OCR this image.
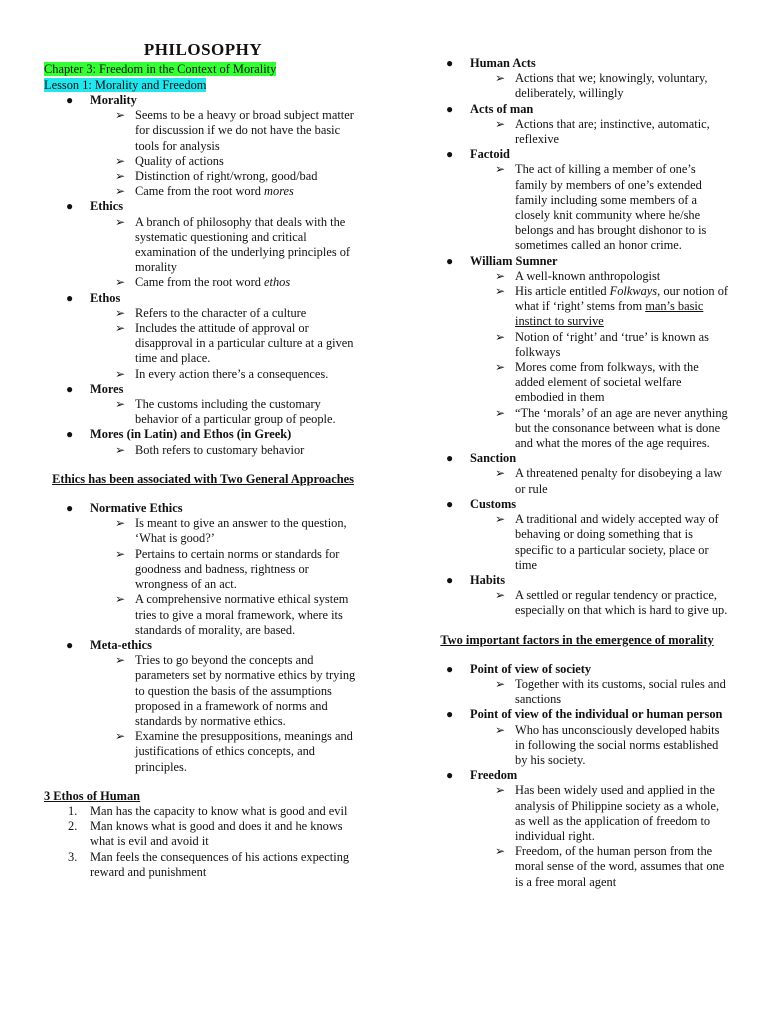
PHILOSOPHY
Chapter 3: Freedom in the Context of Morality
Lesson 1: Morality and Freedom
● Morality
➢ Seems to be a heavy or broad subject matter for discussion if we do not have the basic tools for analysis
➢ Quality of actions
➢ Distinction of right/wrong, good/bad
➢ Came from the root word mores
● Ethics
➢ A branch of philosophy that deals with the systematic questioning and critical examination of the underlying principles of morality
➢ Came from the root word ethos
● Ethos
➢ Refers to the character of a culture
➢ Includes the attitude of approval or disapproval in a particular culture at a given time and place.
➢ In every action there’s a consequences.
● Mores
➢ The customs including the customary behavior of a particular group of people.
● Mores (in Latin) and Ethos (in Greek)
➢ Both refers to customary behavior
Ethics has been associated with Two General Approaches
● Normative Ethics
➢ Is meant to give an answer to the question, ‘What is good?’
➢ Pertains to certain norms or standards for goodness and badness, rightness or wrongness of an act.
➢ A comprehensive normative ethical system tries to give a moral framework, where its standards of morality, are based.
● Meta-ethics
➢ Tries to go beyond the concepts and parameters set by normative ethics by trying to question the basis of the assumptions proposed in a framework of norms and standards by normative ethics.
➢ Examine the presuppositions, meanings and justifications of ethics concepts, and principles.
3 Ethos of Human
1. Man has the capacity to know what is good and evil
2. Man knows what is good and does it and he knows what is evil and avoid it
3. Man feels the consequences of his actions expecting reward and punishment
● Human Acts
➢ Actions that we; knowingly, voluntary, deliberately, willingly
● Acts of man
➢ Actions that are; instinctive, automatic, reflexive
● Factoid
➢ The act of killing a member of one’s family by members of one’s extended family including some members of a closely knit community where he/she belongs and has brought dishonor to is sometimes called an honor crime.
● William Sumner
➢ A well-known anthropologist
➢ His article entitled Folkways, our notion of what if ‘right’ stems from man’s basic instinct to survive
➢ Notion of ‘right’ and ‘true’ is known as folkways
➢ Mores come from folkways, with the added element of societal welfare embodied in them
➢ “The ‘morals’ of an age are never anything but the consonance between what is done and what the mores of the age requires.
● Sanction
➢ A threatened penalty for disobeying a law or rule
● Customs
➢ A traditional and widely accepted way of behaving or doing something that is specific to a particular society, place or time
● Habits
➢ A settled or regular tendency or practice, especially on that which is hard to give up.
Two important factors in the emergence of morality
● Point of view of society
➢ Together with its customs, social rules and sanctions
● Point of view of the individual or human person
➢ Who has unconsciously developed habits in following the social norms established by his society.
● Freedom
➢ Has been widely used and applied in the analysis of Philippine society as a whole, as well as the application of freedom to individual right.
➢ Freedom, of the human person from the moral sense of the word, assumes that one is a free moral agent
